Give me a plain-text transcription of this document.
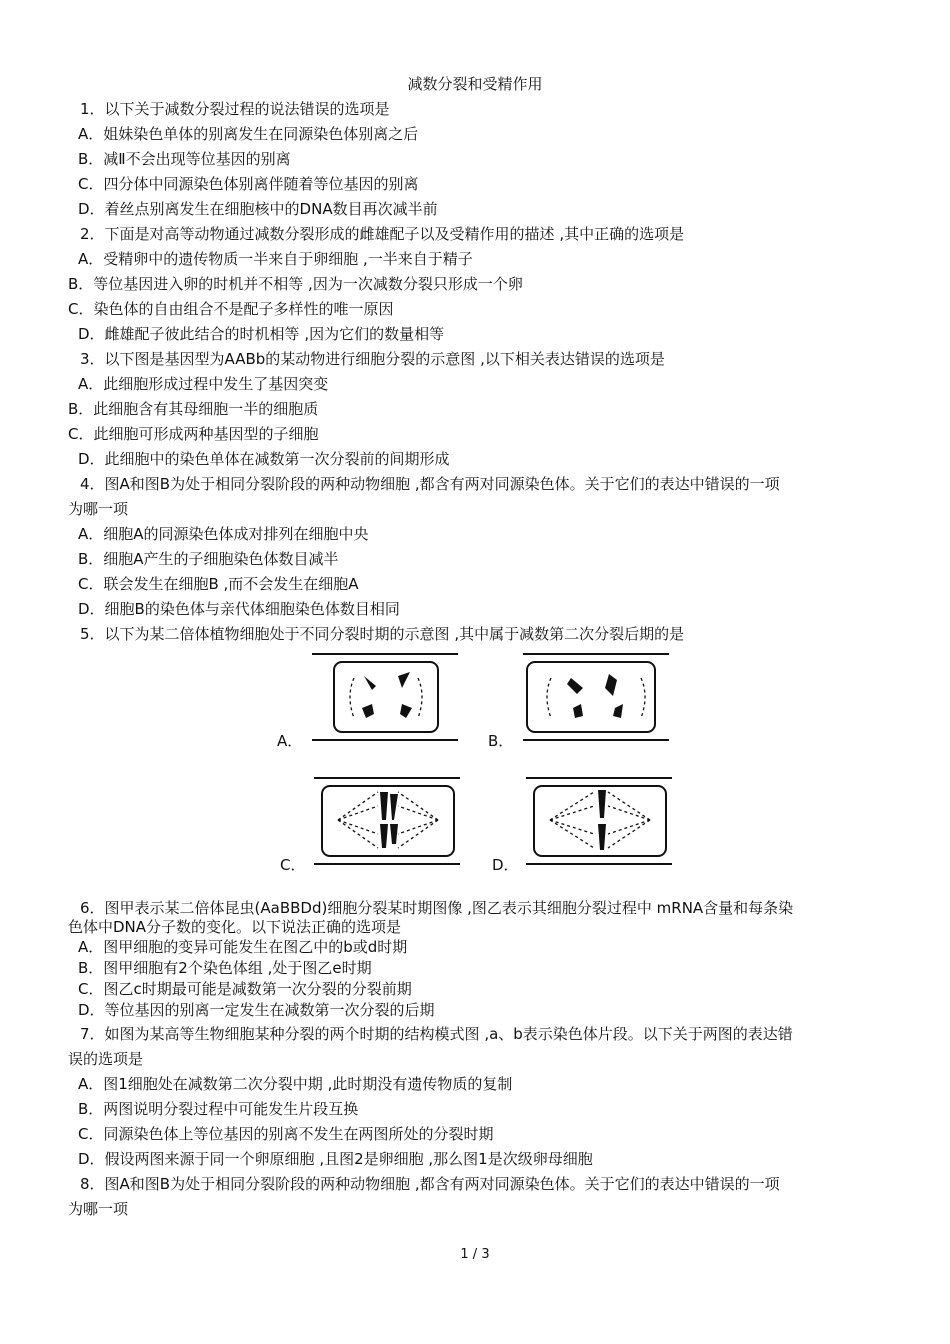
减数分裂和受精作用
1．以下关于减数分裂过程的说法错误的选项是
A．姐妹染色单体的别离发生在同源染色体别离之后
B．减Ⅱ不会出现等位基因的别离
C．四分体中同源染色体别离伴随着等位基因的别离
D．着丝点别离发生在细胞核中的DNA数目再次减半前
2．下面是对高等动物通过减数分裂形成的雌雄配子以及受精作用的描述 ,其中正确的选项是
A．受精卵中的遗传物质一半来自于卵细胞 ,一半来自于精子
B．等位基因进入卵的时机并不相等 ,因为一次减数分裂只形成一个卵
C．染色体的自由组合不是配子多样性的唯一原因
D．雌雄配子彼此结合的时机相等 ,因为它们的数量相等
3．以下图是基因型为AABb的某动物进行细胞分裂的示意图 ,以下相关表达错误的选项是
A．此细胞形成过程中发生了基因突变
B．此细胞含有其母细胞一半的细胞质
C．此细胞可形成两种基因型的子细胞
D．此细胞中的染色单体在减数第一次分裂前的间期形成
4．图A和图B为处于相同分裂阶段的两种动物细胞 ,都含有两对同源染色体。关于它们的表达中错误的一项
为哪一项
A．细胞A的同源染色体成对排列在细胞中央
B．细胞A产生的子细胞染色体数目减半
C．联会发生在细胞B ,而不会发生在细胞A
D．细胞B的染色体与亲代体细胞染色体数目相同
5．以下为某二倍体植物细胞处于不同分裂时期的示意图 ,其中属于减数第二次分裂后期的是
A．	B．
C．	D．
6．图甲表示某二倍体昆虫(AaBBDd)细胞分裂某时期图像 ,图乙表示其细胞分裂过程中 mRNA含量和每条染
色体中DNA分子数的变化。以下说法正确的选项是
A．图甲细胞的变异可能发生在图乙中的b或d时期
B．图甲细胞有2个染色体组 ,处于图乙e时期
C．图乙c时期最可能是减数第一次分裂的分裂前期
D．等位基因的别离一定发生在减数第一次分裂的后期
7．如图为某高等生物细胞某种分裂的两个时期的结构模式图 ,a、b表示染色体片段。以下关于两图的表达错
误的选项是
A．图1细胞处在减数第二次分裂中期 ,此时期没有遗传物质的复制
B．两图说明分裂过程中可能发生片段互换
C．同源染色体上等位基因的别离不发生在两图所处的分裂时期
D．假设两图来源于同一个卵原细胞 ,且图2是卵细胞 ,那么图1是次级卵母细胞
8．图A和图B为处于相同分裂阶段的两种动物细胞 ,都含有两对同源染色体。关于它们的表达中错误的一项
为哪一项
1 / 3
